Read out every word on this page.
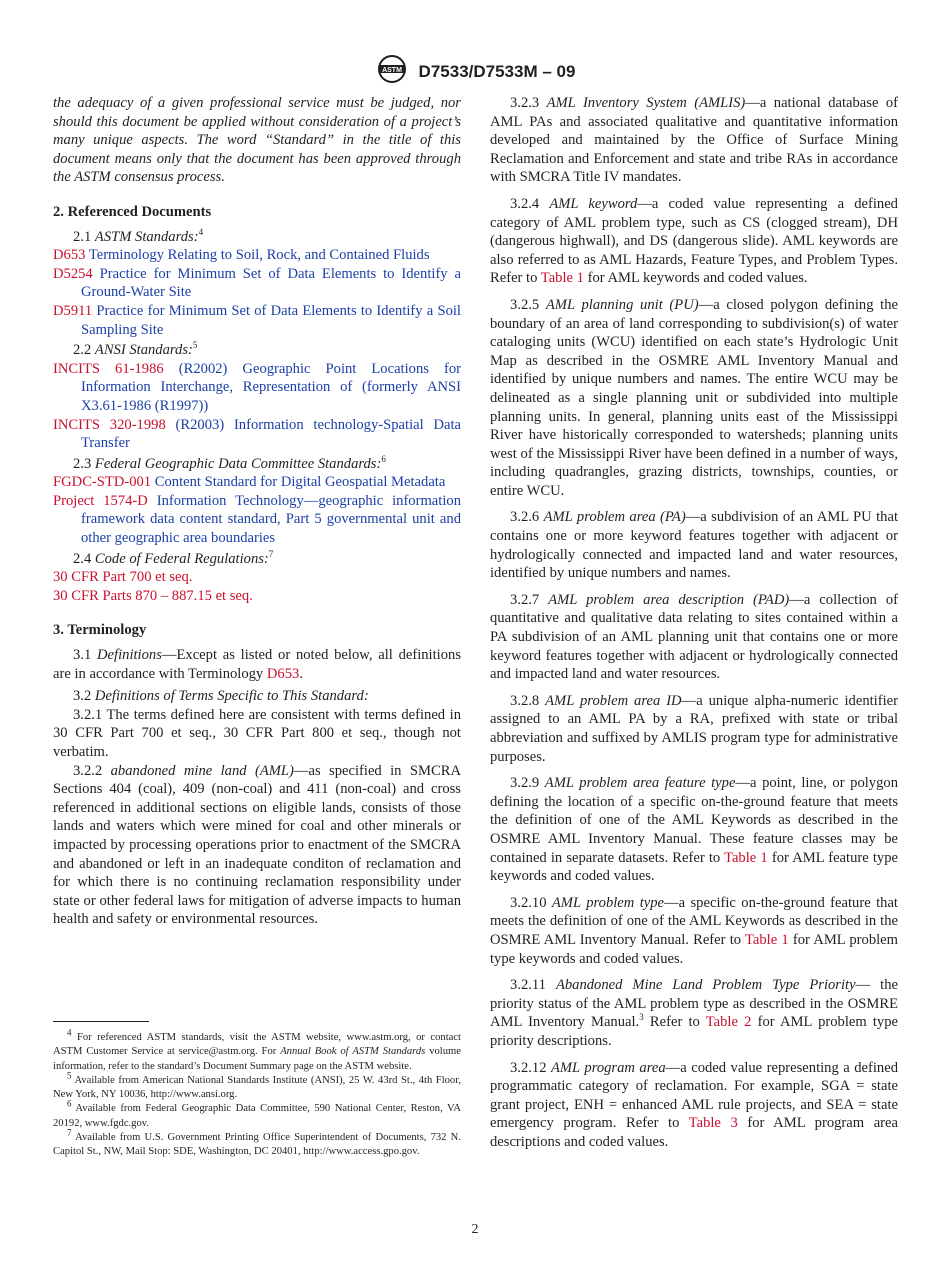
ASTM D7533/D7533M – 09

the adequacy of a given professional service must be judged, nor should this document be applied without consideration of a project’s many unique aspects. The word “Standard” in the title of this document means only that the document has been approved through the ASTM consensus process.

2. Referenced Documents

2.1 ASTM Standards:$^4$

D653 Terminology Relating to Soil, Rock, and Contained Fluids

D5254 Practice for Minimum Set of Data Elements to Identify a Ground-Water Site

D5911 Practice for Minimum Set of Data Elements to Identify a Soil Sampling Site

2.2 ANSI Standards:$^5$

INCITS 61-1986 (R2002) Geographic Point Locations for Information Interchange, Representation of (formerly ANSI X3.61-1986 (R1997))

INCITS 320-1998 (R2003) Information technology-Spatial Data Transfer

2.3 Federal Geographic Data Committee Standards:$^6$

FGDC-STD-001 Content Standard for Digital Geospatial Metadata

Project 1574-D Information Technology—geographic information framework data content standard, Part 5 governmental unit and other geographic area boundaries

2.4 Code of Federal Regulations:$^7$

30 CFR Part 700 et seq.

30 CFR Parts 870 – 887.15 et seq.

3. Terminology

3.1 Definitions—Except as listed or noted below, all definitions are in accordance with Terminology D653.

3.2 Definitions of Terms Specific to This Standard:

3.2.1 The terms defined here are consistent with terms defined in 30 CFR Part 700 et seq., 30 CFR Part 800 et seq., though not verbatim.

3.2.2 abandoned mine land (AML)—as specified in SMCRA Sections 404 (coal), 409 (non-coal) and 411 (non-coal) and cross referenced in additional sections on eligible lands, consists of those lands and waters which were mined for coal and other minerals or impacted by processing operations prior to enactment of the SMCRA and abandoned or left in an inadequate conditon of reclamation and for which there is no continuing reclamation responsibility under state or other federal laws for mitigation of adverse impacts to human health and safety or environmental resources.

$^4$ For referenced ASTM standards, visit the ASTM website, www.astm.org, or contact ASTM Customer Service at service@astm.org. For Annual Book of ASTM Standards volume information, refer to the standard’s Document Summary page on the ASTM website.

$^5$ Available from American National Standards Institute (ANSI), 25 W. 43rd St., 4th Floor, New York, NY 10036, http://www.ansi.org.

$^6$ Available from Federal Geographic Data Committee, 590 National Center, Reston, VA 20192, www.fgdc.gov.

$^7$ Available from U.S. Government Printing Office Superintendent of Documents, 732 N. Capitol St., NW, Mail Stop: SDE, Washington, DC 20401, http://www.access.gpo.gov.

3.2.3 AML Inventory System (AMLIS)—a national database of AML PAs and associated qualitative and quantitative information developed and maintained by the Office of Surface Mining Reclamation and Enforcement and state and tribe RAs in accordance with SMCRA Title IV mandates.

3.2.4 AML keyword—a coded value representing a defined category of AML problem type, such as CS (clogged stream), DH (dangerous highwall), and DS (dangerous slide). AML keywords are also referred to as AML Hazards, Feature Types, and Problem Types. Refer to Table 1 for AML keywords and coded values.

3.2.5 AML planning unit (PU)—a closed polygon defining the boundary of an area of land corresponding to subdivision(s) of water cataloging units (WCU) identified on each state’s Hydrologic Unit Map as described in the OSMRE AML Inventory Manual and identified by unique numbers and names. The entire WCU may be delineated as a single planning unit or subdivided into multiple planning units. In general, planning units east of the Mississippi River have historically corresponded to watersheds; planning units west of the Mississippi River have been defined in a number of ways, including quadrangles, grazing districts, townships, counties, or entire WCU.

3.2.6 AML problem area (PA)—a subdivision of an AML PU that contains one or more keyword features together with adjacent or hydrologically connected and impacted land and water resources, identified by unique numbers and names.

3.2.7 AML problem area description (PAD)—a collection of quantitative and qualitative data relating to sites contained within a PA subdivision of an AML planning unit that contains one or more keyword features together with adjacent or hydrologically connected and impacted land and water resources.

3.2.8 AML problem area ID—a unique alpha-numeric identifier assigned to an AML PA by a RA, prefixed with state or tribal abbreviation and suffixed by AMLIS program type for administrative purposes.

3.2.9 AML problem area feature type—a point, line, or polygon defining the location of a specific on-the-ground feature that meets the definition of one of the AML Keywords as described in the OSMRE AML Inventory Manual. These feature classes may be contained in separate datasets. Refer to Table 1 for AML feature type keywords and coded values.

3.2.10 AML problem type—a specific on-the-ground feature that meets the definition of one of the AML Keywords as described in the OSMRE AML Inventory Manual. Refer to Table 1 for AML problem type keywords and coded values.

3.2.11 Abandoned Mine Land Problem Type Priority— the priority status of the AML problem type as described in the OSMRE AML Inventory Manual.$^3$ Refer to Table 2 for AML problem type priority descriptions.

3.2.12 AML program area—a coded value representing a defined programmatic category of reclamation. For example, SGA = state grant project, ENH = enhanced AML rule projects, and SEA = state emergency program. Refer to Table 3 for AML program area descriptions and coded values.

2
